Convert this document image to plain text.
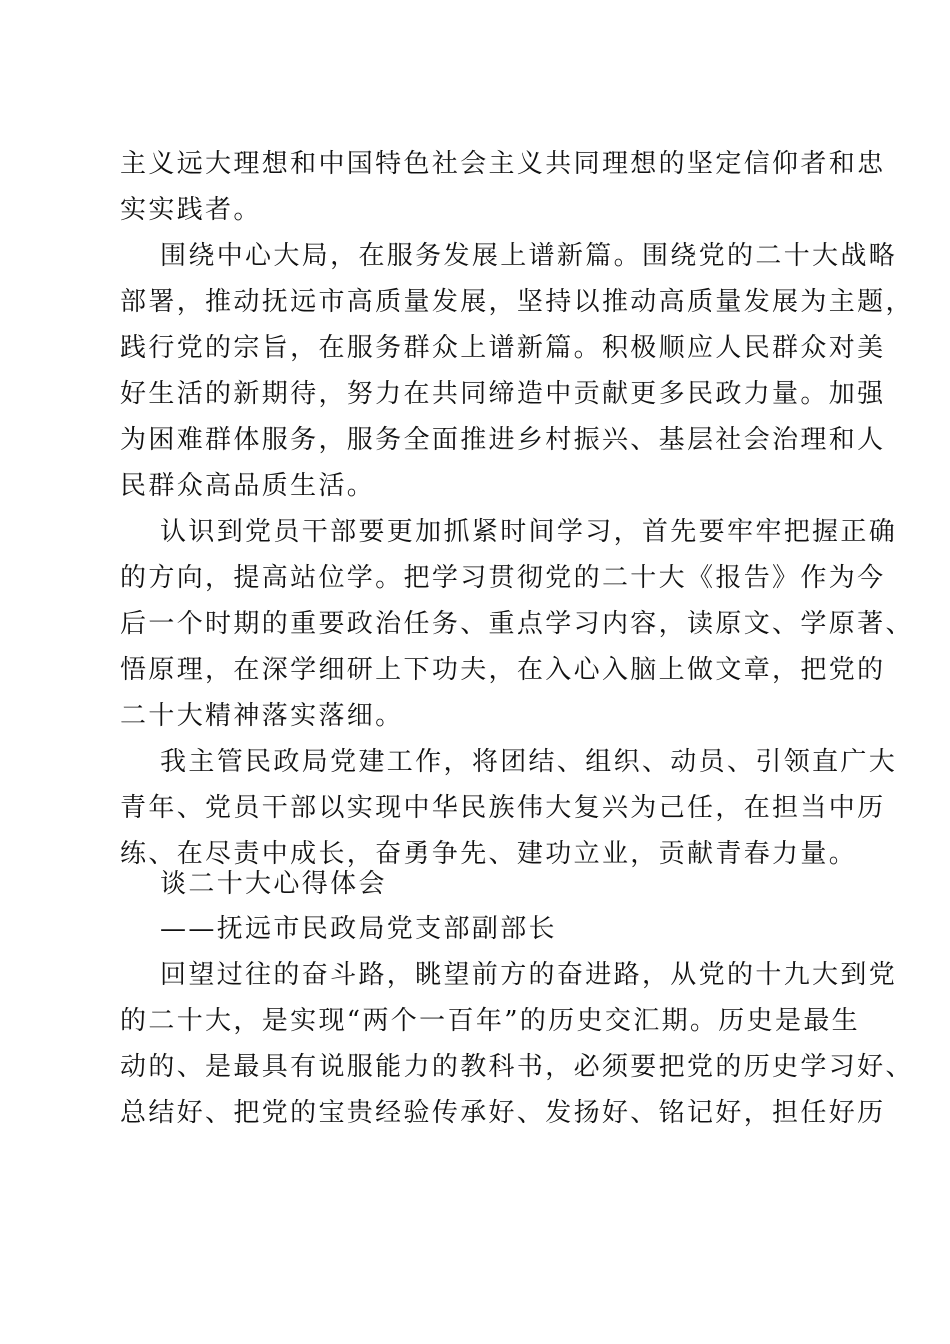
主义远大理想和中国特色社会主义共同理想的坚定信仰者和忠
实实践者。
围绕中心大局，在服务发展上谱新篇。围绕党的二十大战略
部署，推动抚远市高质量发展，坚持以推动高质量发展为主题，
践行党的宗旨，在服务群众上谱新篇。积极顺应人民群众对美
好生活的新期待，努力在共同缔造中贡献更多民政力量。加强
为困难群体服务，服务全面推进乡村振兴、基层社会治理和人
民群众高品质生活。
认识到党员干部要更加抓紧时间学习，首先要牢牢把握正确
的方向，提高站位学。把学习贯彻党的二十大《报告》作为今
后一个时期的重要政治任务、重点学习内容，读原文、学原著、
悟原理，在深学细研上下功夫，在入心入脑上做文章，把党的
二十大精神落实落细。
我主管民政局党建工作，将团结、组织、动员、引领直广大
青年、党员干部以实现中华民族伟大复兴为己任，在担当中历
练、在尽责中成长，奋勇争先、建功立业，贡献青春力量。
谈二十大心得体会
——抚远市民政局党支部副部长
回望过往的奋斗路，眺望前方的奋进路，从党的十九大到党
的二十大，是实现“两个一百年”的历史交汇期。历史是最生
动的、是最具有说服能力的教科书，必须要把党的历史学习好、
总结好、把党的宝贵经验传承好、发扬好、铭记好，担任好历
